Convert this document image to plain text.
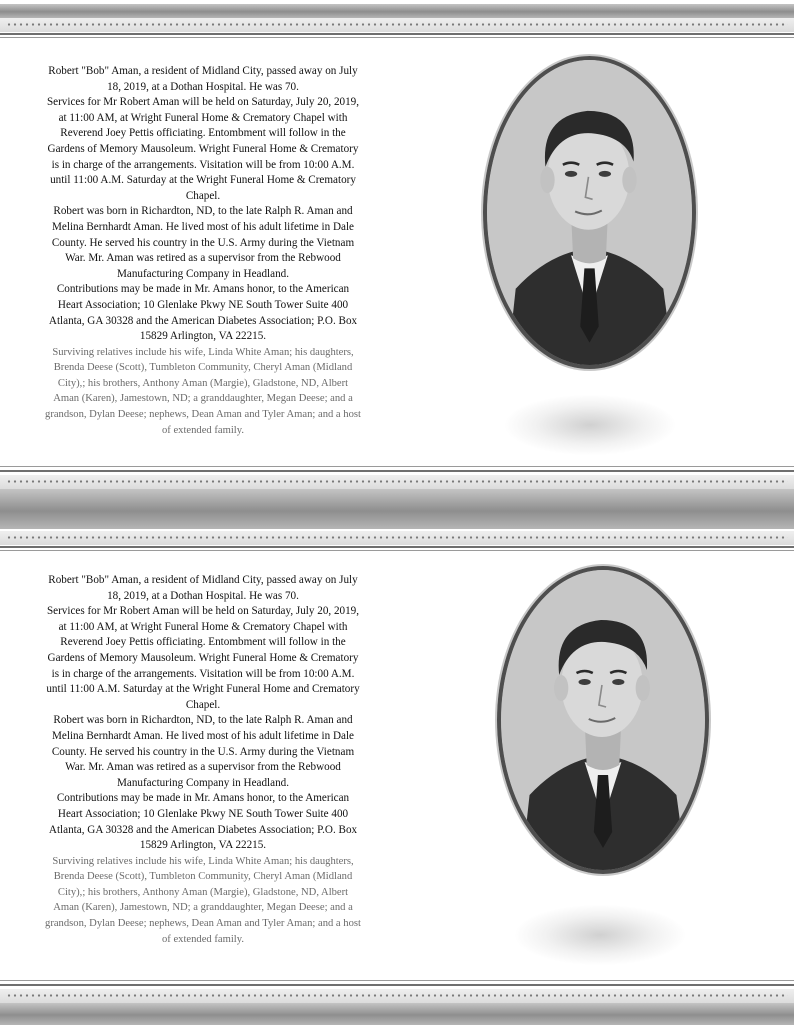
Robert "Bob" Aman, a resident of Midland City, passed away on July 18, 2019, at a Dothan Hospital. He was 70.

Services for Mr Robert Aman will be held on Saturday, July 20, 2019, at 11:00 AM, at Wright Funeral Home & Crematory Chapel with Reverend Joey Pettis officiating. Entombment will follow in the Gardens of Memory Mausoleum. Wright Funeral Home & Crematory is in charge of the arrangements. Visitation will be from 10:00 A.M. until 11:00 A.M. Saturday at the Wright Funeral Home & Crematory Chapel.

Robert was born in Richardton, ND, to the late Ralph R. Aman and Melina Bernhardt Aman. He lived most of his adult lifetime in Dale County. He served his country in the U.S. Army during the Vietnam War. Mr. Aman was retired as a supervisor from the Rebwood Manufacturing Company in Headland.

Contributions may be made in Mr. Amans honor, to the American Heart Association; 10 Glenlake Pkwy NE South Tower Suite 400 Atlanta, GA 30328 and the American Diabetes Association; P.O. Box 15829 Arlington, VA 22215.

Surviving relatives include his wife, Linda White Aman; his daughters, Brenda Deese (Scott), Tumbleton Community, Cheryl Aman (Midland City),; his brothers, Anthony Aman (Margie), Gladstone, ND, Albert Aman (Karen), Jamestown, ND; a granddaughter, Megan Deese; and a grandson, Dylan Deese; nephews, Dean Aman and Tyler Aman; and a host of extended family.

Robert "Bob" Aman, a resident of Midland City, passed away on July 18, 2019, at a Dothan Hospital. He was 70.

Services for Mr Robert Aman will be held on Saturday, July 20, 2019, at 11:00 AM, at Wright Funeral Home & Crematory Chapel with Reverend Joey Pettis officiating. Entombment will follow in the Gardens of Memory Mausoleum. Wright Funeral Home & Crematory is in charge of the arrangements. Visitation will be from 10:00 A.M. until 11:00 A.M. Saturday at the Wright Funeral Home and Crematory Chapel.

Robert was born in Richardton, ND, to the late Ralph R. Aman and Melina Bernhardt Aman. He lived most of his adult lifetime in Dale County. He served his country in the U.S. Army during the Vietnam War. Mr. Aman was retired as a supervisor from the Rebwood Manufacturing Company in Headland.

Contributions may be made in Mr. Amans honor, to the American Heart Association; 10 Glenlake Pkwy NE South Tower Suite 400 Atlanta, GA 30328 and the American Diabetes Association; P.O. Box 15829 Arlington, VA 22215.

Surviving relatives include his wife, Linda White Aman; his daughters, Brenda Deese (Scott), Tumbleton Community, Cheryl Aman (Midland City),; his brothers, Anthony Aman (Margie), Gladstone, ND, Albert Aman (Karen), Jamestown, ND; a granddaughter, Megan Deese; and a grandson, Dylan Deese; nephews, Dean Aman and Tyler Aman; and a host of extended family.
